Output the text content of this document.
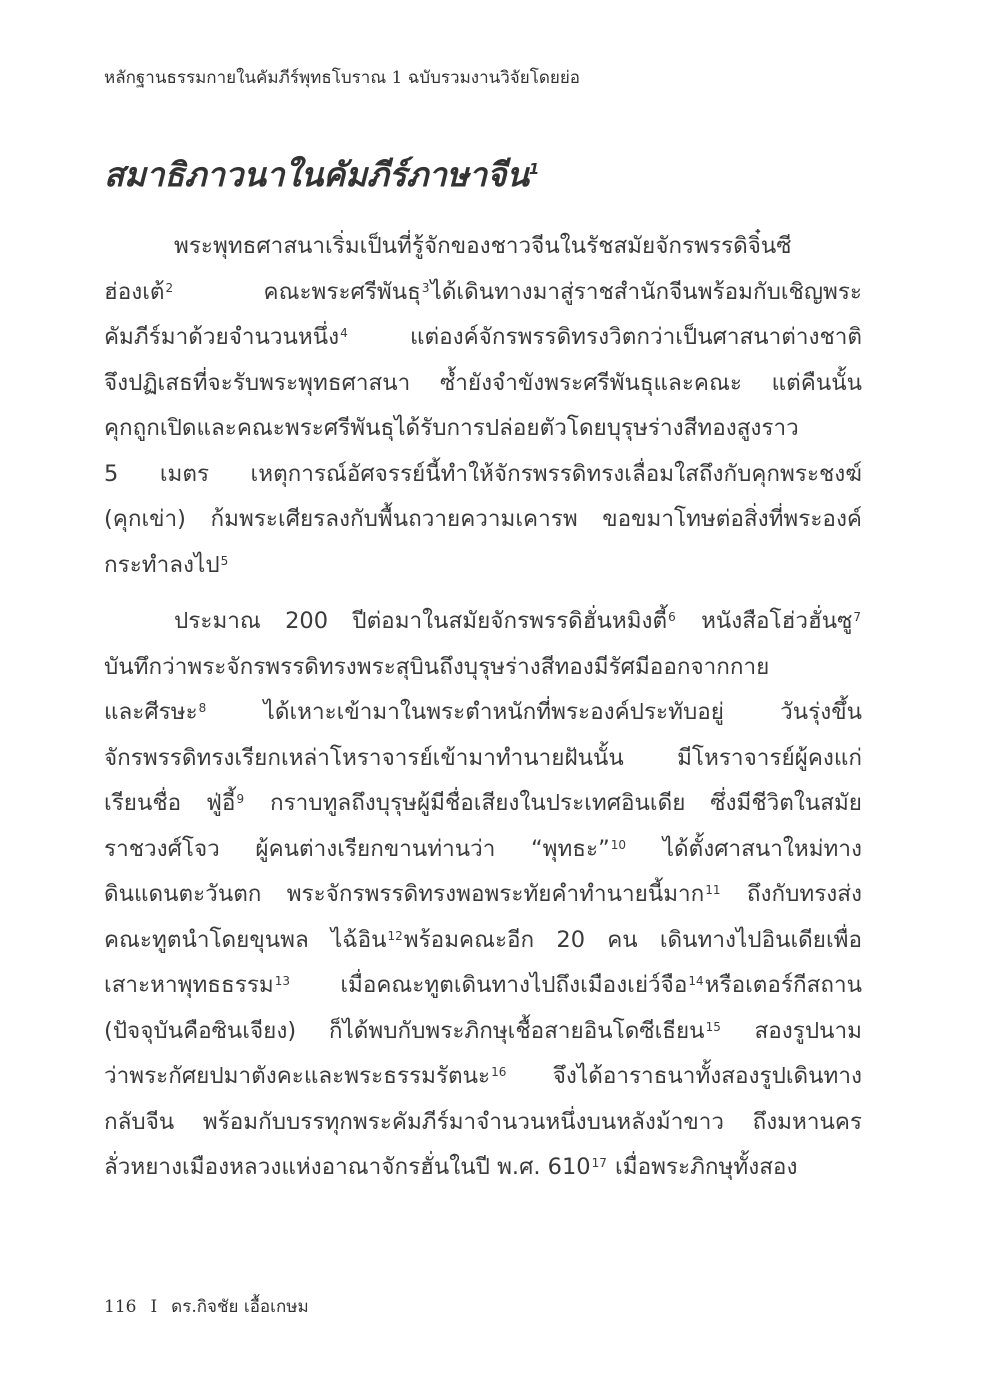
หลักฐานธรรมกายในคัมภีร์พุทธโบราณ 1 ฉบับรวมงานวิจัยโดยย่อ
สมาธิภาวนาในคัมภีร์ภาษาจีน$^1$
พระพุทธศาสนาเริ่มเป็นที่รู้จักของชาวจีนในรัชสมัยจักรพรรดิจิ๋นซี
ฮ่องเต้$^2$ คณะพระศรีพันธุ$^3$ได้เดินทางมาสู่ราชสำนักจีนพร้อมกับเชิญพระ
คัมภีร์มาด้วยจำนวนหนึ่ง$^4$ แต่องค์จักรพรรดิทรงวิตกว่าเป็นศาสนาต่างชาติ
จึงปฏิเสธที่จะรับพระพุทธศาสนา ซ้ำยังจำขังพระศรีพันธุและคณะ แต่คืนนั้น
คุกถูกเปิดและคณะพระศรีพันธุได้รับการปล่อยตัวโดยบุรุษร่างสีทองสูงราว
5 เมตร เหตุการณ์อัศจรรย์นี้ทำให้จักรพรรดิทรงเลื่อมใสถึงกับคุกพระชงฆ์
(คุกเข่า) ก้มพระเศียรลงกับพื้นถวายความเคารพ ขอขมาโทษต่อสิ่งที่พระองค์
กระทำลงไป$^5$
ประมาณ 200 ปีต่อมาในสมัยจักรพรรดิฮั่นหมิงตี้$^6$ หนังสือโฮ่วฮั่นซู$^7$
บันทึกว่าพระจักรพรรดิทรงพระสุบินถึงบุรุษร่างสีทองมีรัศมีออกจากกาย
และศีรษะ$^8$ ได้เหาะเข้ามาในพระตำหนักที่พระองค์ประทับอยู่ วันรุ่งขึ้น
จักรพรรดิทรงเรียกเหล่าโหราจารย์เข้ามาทำนายฝันนั้น มีโหราจารย์ผู้คงแก่
เรียนชื่อ ฟู่อี้$^9$ กราบทูลถึงบุรุษผู้มีชื่อเสียงในประเทศอินเดีย ซึ่งมีชีวิตในสมัย
ราชวงศ์โจว ผู้คนต่างเรียกขานท่านว่า “พุทธะ”$^{10}$ ได้ตั้งศาสนาใหม่ทาง
ดินแดนตะวันตก พระจักรพรรดิทรงพอพระทัยคำทำนายนี้มาก$^{11}$ ถึงกับทรงส่ง
คณะทูตนำโดยขุนพล ไฉ้อิน$^{12}$พร้อมคณะอีก 20 คน เดินทางไปอินเดียเพื่อ
เสาะหาพุทธธรรม$^{13}$ เมื่อคณะทูตเดินทางไปถึงเมืองเย่ว์จือ$^{14}$หรือเตอร์กีสถาน
(ปัจจุบันคือซินเจียง) ก็ได้พบกับพระภิกษุเชื้อสายอินโดซีเธียน$^{15}$ สองรูปนาม
ว่าพระกัศยปมาตังคะและพระธรรมรัตนะ$^{16}$ จึงได้อาราธนาทั้งสองรูปเดินทาง
กลับจีน พร้อมกับบรรทุกพระคัมภีร์มาจำนวนหนึ่งบนหลังม้าขาว ถึงมหานคร
ลั่วหยางเมืองหลวงแห่งอาณาจักรฮั่นในปี พ.ศ. 610$^{17}$ เมื่อพระภิกษุทั้งสอง
116 I ดร.กิจชัย เอื้อเกษม
